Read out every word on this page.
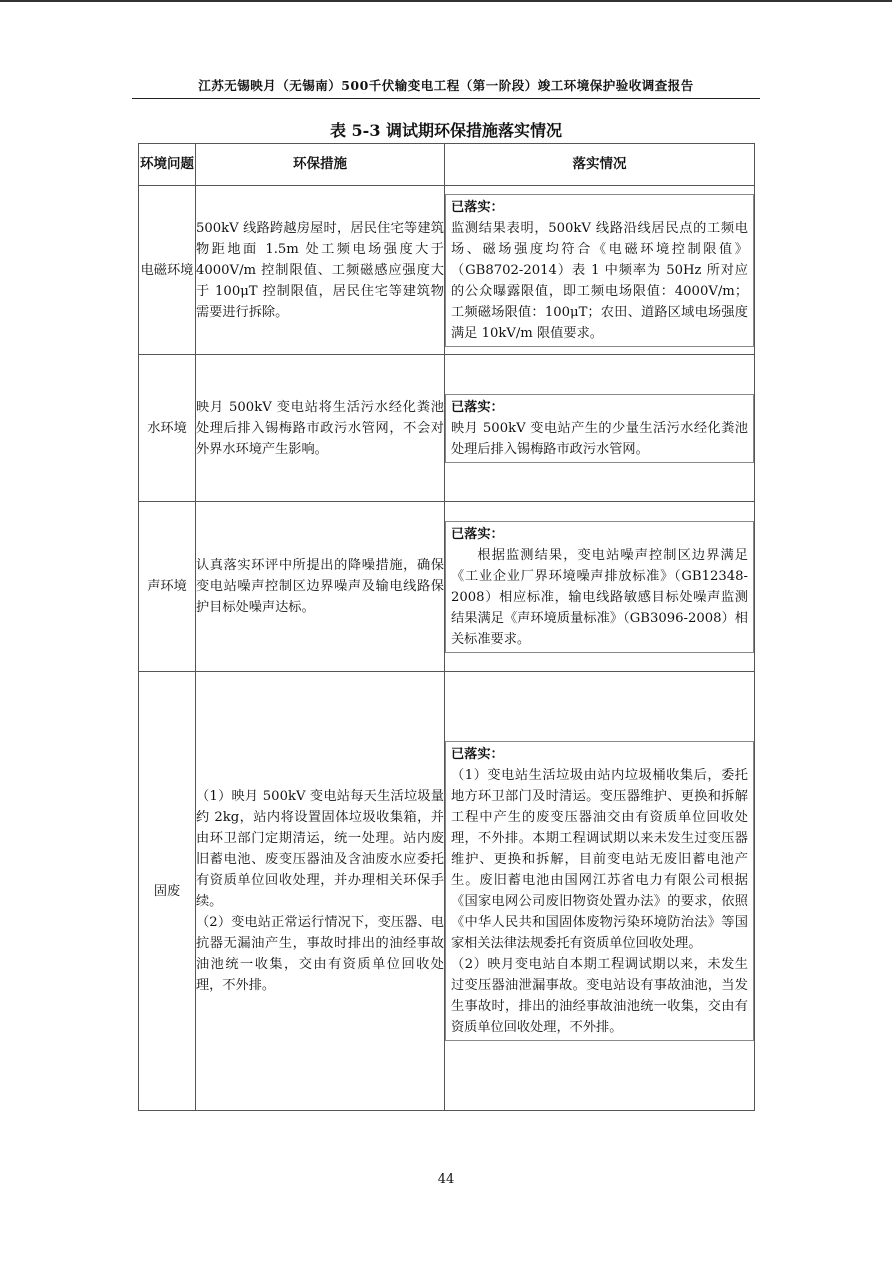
江苏无锡映月（无锡南）500千伏输变电工程（第一阶段）竣工环境保护验收调查报告
表 5-3 调试期环保措施落实情况
环境问题	环保措施	落实情况
电磁环境	500kV 线路跨越房屋时，居民住宅等建筑物距地面 1.5m 处工频电场强度大于 4000V/m 控制限值、工频磁感应强度大于 100μT 控制限值，居民住宅等建筑物需要进行拆除。	已落实：
监测结果表明，500kV 线路沿线居民点的工频电场、磁场强度均符合《电磁环境控制限值》（GB8702-2014）表 1 中频率为 50Hz 所对应的公众曝露限值，即工频电场限值：4000V/m；工频磁场限值：100μT；农田、道路区域电场强度满足 10kV/m 限值要求。

水环境	映月 500kV 变电站将生活污水经化粪池处理后排入锡梅路市政污水管网，不会对外界水环境产生影响。	已落实：
映月 500kV 变电站产生的少量生活污水经化粪池处理后排入锡梅路市政污水管网。

声环境	认真落实环评中所提出的降噪措施，确保变电站噪声控制区边界噪声及输电线路保护目标处噪声达标。	已落实：
根据监测结果，变电站噪声控制区边界满足《工业企业厂界环境噪声排放标准》（GB12348-2008）相应标准，输电线路敏感目标处噪声监测结果满足《声环境质量标准》（GB3096-2008）相关标准要求。

固废	（1）映月 500kV 变电站每天生活垃圾量约 2kg，站内将设置固体垃圾收集箱，并由环卫部门定期清运，统一处理。站内废旧蓄电池、废变压器油及含油废水应委托有资质单位回收处理，并办理相关环保手续。
（2）变电站正常运行情况下，变压器、电抗器无漏油产生，事故时排出的油经事故油池统一收集，交由有资质单位回收处理，不外排。	已落实：
（1）变电站生活垃圾由站内垃圾桶收集后，委托地方环卫部门及时清运。变压器维护、更换和拆解工程中产生的废变压器油交由有资质单位回收处理，不外排。本期工程调试期以来未发生过变压器维护、更换和拆解，目前变电站无废旧蓄电池产生。废旧蓄电池由国网江苏省电力有限公司根据《国家电网公司废旧物资处置办法》的要求，依照《中华人民共和国固体废物污染环境防治法》等国家相关法律法规委托有资质单位回收处理。
（2）映月变电站自本期工程调试期以来，未发生过变压器油泄漏事故。变电站设有事故油池，当发生事故时，排出的油经事故油池统一收集，交由有资质单位回收处理，不外排。
44
